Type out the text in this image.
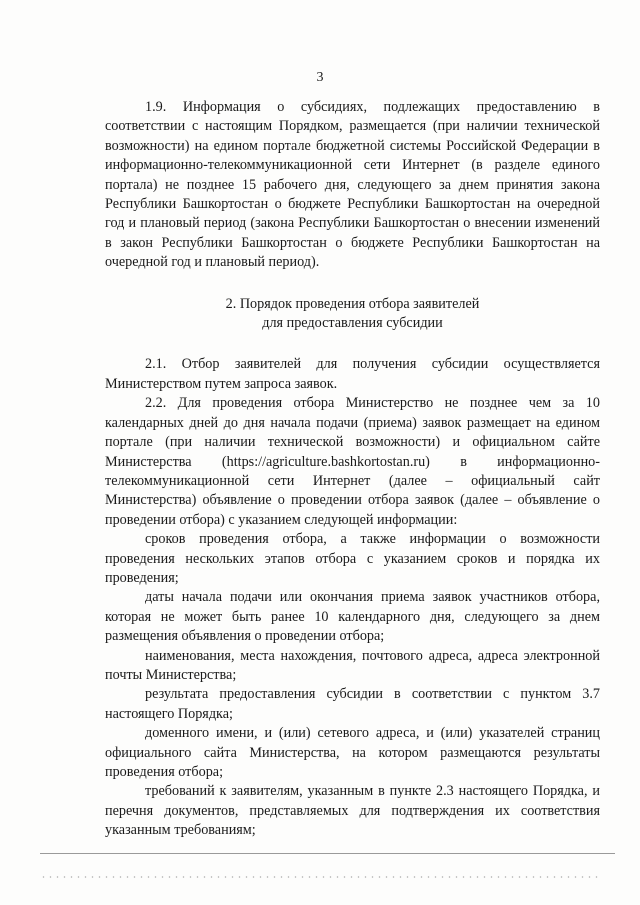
3

1.9. Информация о субсидиях, подлежащих предоставлению в соответствии с настоящим Порядком, размещается (при наличии технической возможности) на едином портале бюджетной системы Российской Федерации в информационно-телекоммуникационной сети Интернет (в разделе единого портала) не позднее 15 рабочего дня, следующего за днем принятия закона Республики Башкортостан о бюджете Республики Башкортостан на очередной год и плановый период (закона Республики Башкортостан о внесении изменений в закон Республики Башкортостан о бюджете Республики Башкортостан на очередной год и плановый период).

2. Порядок проведения отбора заявителей
для предоставления субсидии

2.1. Отбор заявителей для получения субсидии осуществляется Министерством путем запроса заявок.

2.2. Для проведения отбора Министерство не позднее чем за 10 календарных дней до дня начала подачи (приема) заявок размещает на едином портале (при наличии технической возможности) и официальном сайте Министерства (https://agriculture.bashkortostan.ru) в информационно-телекоммуникационной сети Интернет (далее – официальный сайт Министерства) объявление о проведении отбора заявок (далее – объявление о проведении отбора) с указанием следующей информации:

сроков проведения отбора, а также информации о возможности проведения нескольких этапов отбора с указанием сроков и порядка их проведения;

даты начала подачи или окончания приема заявок участников отбора, которая не может быть ранее 10 календарного дня, следующего за днем размещения объявления о проведении отбора;

наименования, места нахождения, почтового адреса, адреса электронной почты Министерства;

результата предоставления субсидии в соответствии с пунктом 3.7 настоящего Порядка;

доменного имени, и (или) сетевого адреса, и (или) указателей страниц официального сайта Министерства, на котором размещаются результаты проведения отбора;

требований к заявителям, указанным в пункте 2.3 настоящего Порядка, и перечня документов, представляемых для подтверждения их соответствия указанным требованиям;
